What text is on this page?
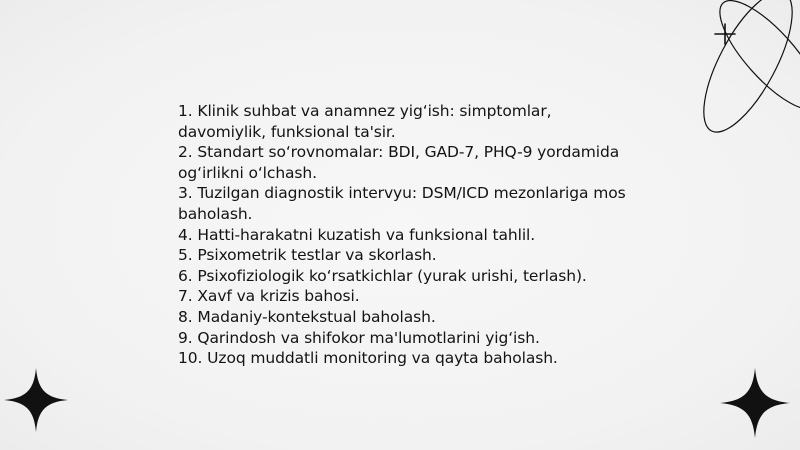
1. Klinik suhbat va anamnez yig‘ish: simptomlar, davomiylik, funksional ta'sir.

2. Standart so‘rovnomalar: BDI, GAD-7, PHQ-9 yordamida og‘irlikni o‘lchash.

3. Tuzilgan diagnostik intervyu: DSM/ICD mezonlariga mos baholash.

4. Hatti-harakatni kuzatish va funksional tahlil.

5. Psixometrik testlar va skorlash.

6. Psixofiziologik ko‘rsatkichlar (yurak urishi, terlash).

7. Xavf va krizis bahosi.

8. Madaniy-kontekstual baholash.

9. Qarindosh va shifokor ma'lumotlarini yig‘ish.

10. Uzoq muddatli monitoring va qayta baholash.
